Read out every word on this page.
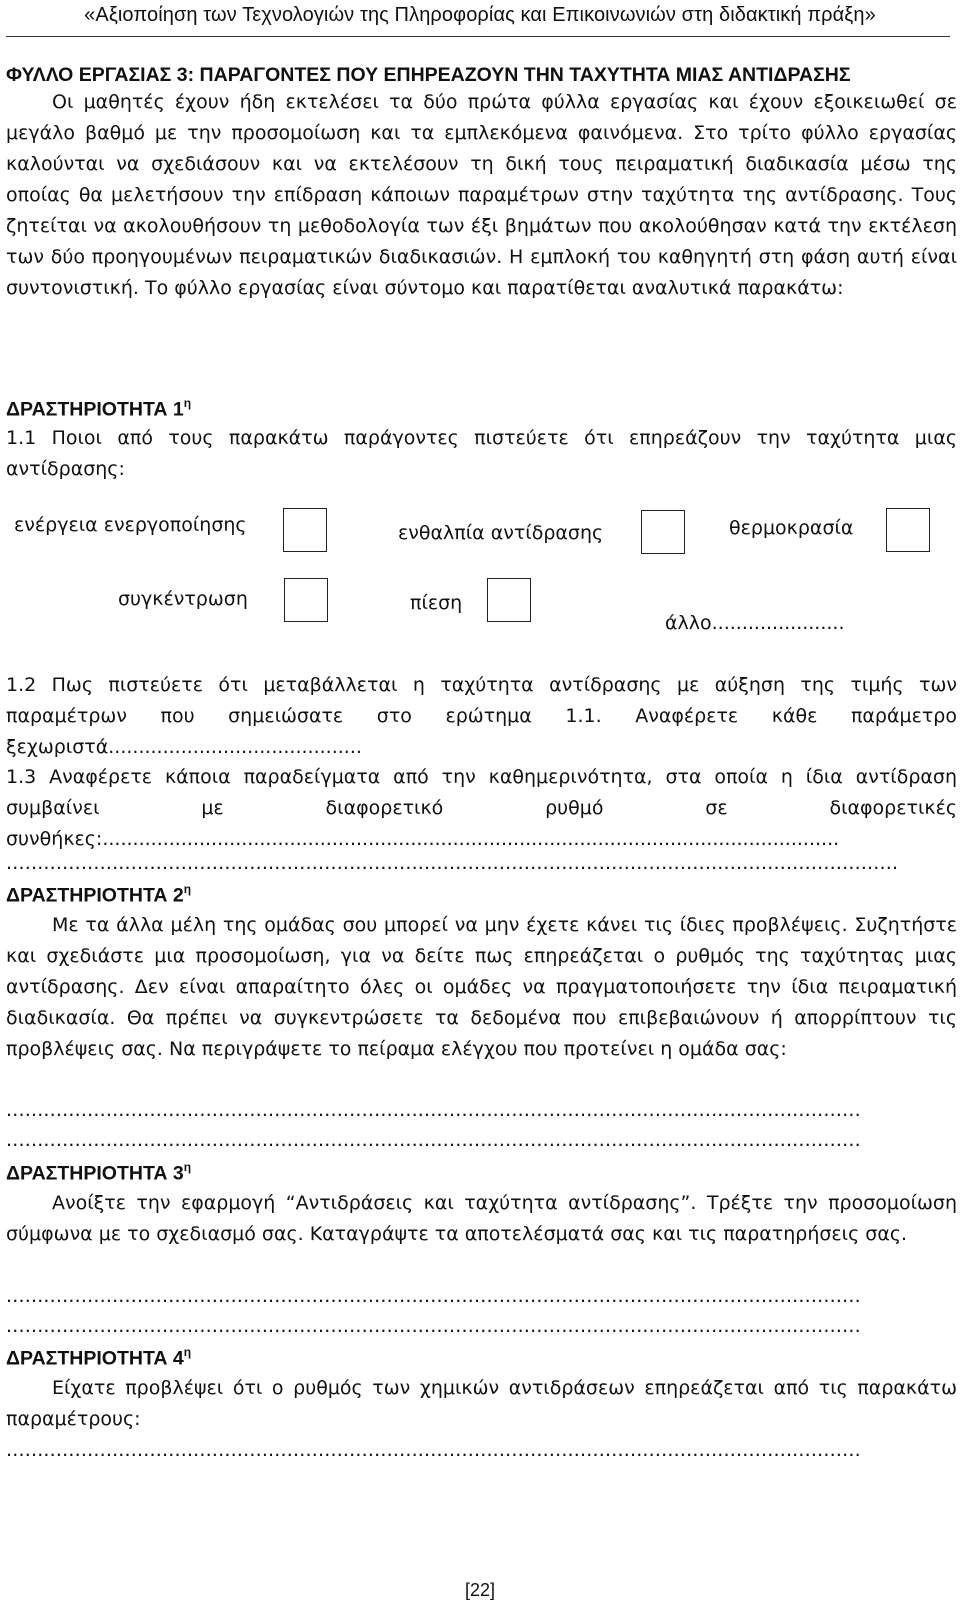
«Αξιοποίηση των Τεχνολογιών της Πληροφορίας και Επικοινωνιών στη διδακτική πράξη»
ΦΥΛΛΟ ΕΡΓΑΣΙΑΣ 3: ΠΑΡΑΓΟΝΤΕΣ ΠΟΥ ΕΠΗΡΕΑΖΟΥΝ ΤΗΝ ΤΑΧΥΤΗΤΑ ΜΙΑΣ ΑΝΤΙΔΡΑΣΗΣ

Οι μαθητές έχουν ήδη εκτελέσει τα δύο πρώτα φύλλα εργασίας και έχουν εξοικειωθεί σε μεγάλο βαθμό με την προσομοίωση και τα εμπλεκόμενα φαινόμενα. Στο τρίτο φύλλο εργασίας καλούνται να σχεδιάσουν και να εκτελέσουν τη δική τους πειραματική διαδικασία μέσω της οποίας θα μελετήσουν την επίδραση κάποιων παραμέτρων στην ταχύτητα της αντίδρασης. Τους ζητείται να ακολουθήσουν τη μεθοδολογία των έξι βημάτων που ακολούθησαν κατά την εκτέλεση των δύο προηγουμένων πειραματικών διαδικασιών. Η εμπλοκή του καθηγητή στη φάση αυτή είναι συντονιστική. Το φύλλο εργασίας είναι σύντομο και παρατίθεται αναλυτικά παρακάτω:

ΔΡΑΣΤΗΡΙΟΤΗΤΑ $1^\eta$

1.1 Ποιοι από τους παρακάτω παράγοντες πιστεύετε ότι επηρεάζουν την ταχύτητα μιας αντίδρασης:

ενέργεια ενεργοποίησης	ενθαλπία αντίδρασης	θερμοκρασία
συγκέντρωση	πίεση
άλλο......................

1.2 Πως πιστεύετε ότι μεταβάλλεται η ταχύτητα αντίδρασης με αύξηση της τιμής των παραμέτρων που σημειώσατε στο ερώτημα 1.1. Αναφέρετε κάθε παράμετρο ξεχωριστά..........................................

1.3 Αναφέρετε κάποια παραδείγματα από την καθημερινότητα, στα οποία η ίδια αντίδραση συμβαίνει με διαφορετικό ρυθμό σε διαφορετικές συνθήκες:..........................................................................................................................

...............................................................................................................................................
ΔΡΑΣΤΗΡΙΟΤΗΤΑ $2^\eta$

Με τα άλλα μέλη της ομάδας σου μπορεί να μην έχετε κάνει τις ίδιες προβλέψεις. Συζητήστε και σχεδιάστε μια προσομοίωση, για να δείτε πως επηρεάζεται ο ρυθμός της ταχύτητας μιας αντίδρασης. Δεν είναι απαραίτητο όλες οι ομάδες να πραγματοποιήσετε την ίδια πειραματική διαδικασία. Θα πρέπει να συγκεντρώσετε τα δεδομένα που επιβεβαιώνουν ή απορρίπτουν τις προβλέψεις σας. Να περιγράψετε το πείραμα ελέγχου που προτείνει η ομάδα σας:

.........................................................................................................................................
.........................................................................................................................................
ΔΡΑΣΤΗΡΙΟΤΗΤΑ $3^\eta$

Ανοίξτε την εφαρμογή “Αντιδράσεις και ταχύτητα αντίδρασης”. Τρέξτε την προσομοίωση σύμφωνα με το σχεδιασμό σας. Καταγράψτε τα αποτελέσματά σας και τις παρατηρήσεις σας.

.........................................................................................................................................
.........................................................................................................................................
ΔΡΑΣΤΗΡΙΟΤΗΤΑ $4^\eta$

Είχατε προβλέψει ότι ο ρυθμός των χημικών αντιδράσεων επηρεάζεται από τις παρακάτω παραμέτρους:

.........................................................................................................................................
[22]
